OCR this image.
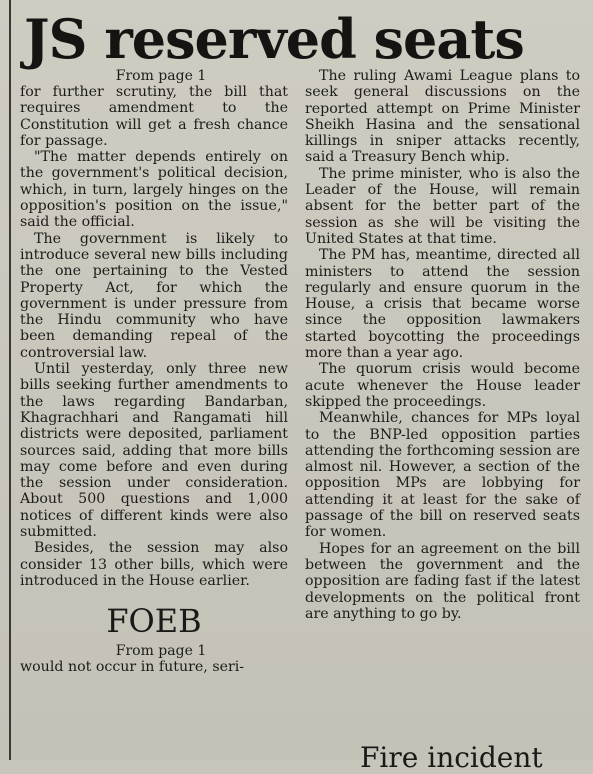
JS reserved seats

From page 1

for further scrutiny, the bill that requires amendment to the Constitution will get a fresh chance for passage.

"The matter depends entirely on the government's political decision, which, in turn, largely hinges on the opposition's position on the issue," said the official.

The government is likely to introduce several new bills including the one pertaining to the Vested Property Act, for which the government is under pressure from the Hindu community who have been demanding repeal of the controversial law.

Until yesterday, only three new bills seeking further amendments to the laws regarding Bandarban, Khagrachhari and Rangamati hill districts were deposited, parliament sources said, adding that more bills may come before and even during the session under consideration. About 500 questions and 1,000 notices of different kinds were also submitted.

Besides, the session may also consider 13 other bills, which were introduced in the House earlier.

FOEB

From page 1

would not occur in future, seri-

The ruling Awami League plans to seek general discussions on the reported attempt on Prime Minister Sheikh Hasina and the sensational killings in sniper attacks recently, said a Treasury Bench whip.

The prime minister, who is also the Leader of the House, will remain absent for the better part of the session as she will be visiting the United States at that time.

The PM has, meantime, directed all ministers to attend the session regularly and ensure quorum in the House, a crisis that became worse since the opposition lawmakers started boycotting the proceedings more than a year ago.

The quorum crisis would become acute whenever the House leader skipped the proceedings.

Meanwhile, chances for MPs loyal to the BNP-led opposition parties attending the forthcoming session are almost nil. However, a section of the opposition MPs are lobbying for attending it at least for the sake of passage of the bill on reserved seats for women.

Hopes for an agreement on the bill between the government and the opposition are fading fast if the latest developments on the political front are anything to go by.

Fire incident
